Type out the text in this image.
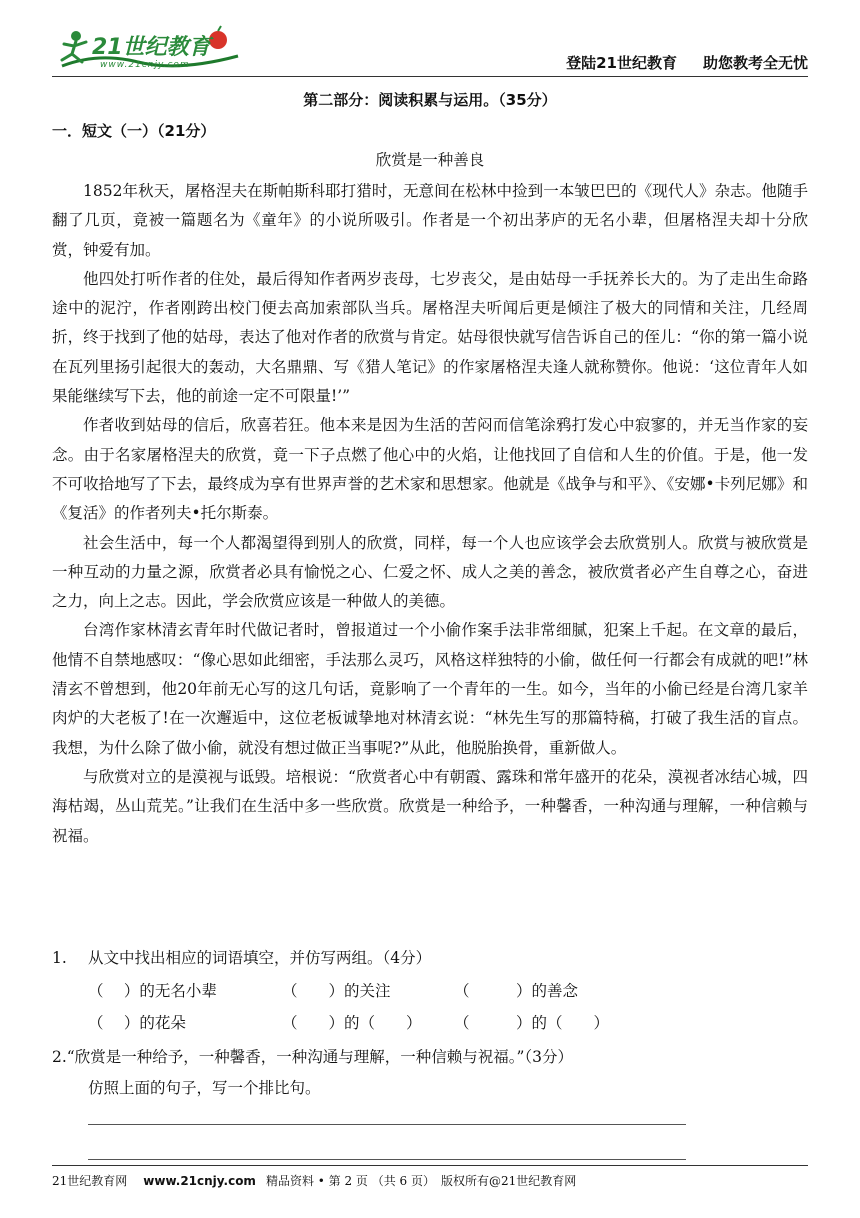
21世纪教育
www.21cnjy.com	登陆21世纪教育 助您教考全无忧
第二部分：阅读积累与运用。（35分）
一．短文（一）（21分）
欣赏是一种善良

1852年秋天，屠格涅夫在斯帕斯科耶打猎时，无意间在松林中捡到一本皱巴巴的《现代人》杂志。他随手翻了几页，竟被一篇题名为《童年》的小说所吸引。作者是一个初出茅庐的无名小辈，但屠格涅夫却十分欣赏，钟爱有加。

他四处打听作者的住处，最后得知作者两岁丧母，七岁丧父，是由姑母一手抚养长大的。为了走出生命路途中的泥泞，作者刚跨出校门便去高加索部队当兵。屠格涅夫听闻后更是倾注了极大的同情和关注，几经周折，终于找到了他的姑母，表达了他对作者的欣赏与肯定。姑母很快就写信告诉自己的侄儿：“你的第一篇小说在瓦列里扬引起很大的轰动，大名鼎鼎、写《猎人笔记》的作家屠格涅夫逢人就称赞你。他说：‘这位青年人如果能继续写下去，他的前途一定不可限量!’”

作者收到姑母的信后，欣喜若狂。他本来是因为生活的苦闷而信笔涂鸦打发心中寂寥的，并无当作家的妄念。由于名家屠格涅夫的欣赏，竟一下子点燃了他心中的火焰，让他找回了自信和人生的价值。于是，他一发不可收拾地写了下去，最终成为享有世界声誉的艺术家和思想家。他就是《战争与和平》、《安娜•卡列尼娜》和《复活》的作者列夫•托尔斯泰。

社会生活中，每一个人都渴望得到别人的欣赏，同样，每一个人也应该学会去欣赏别人。欣赏与被欣赏是一种互动的力量之源，欣赏者必具有愉悦之心、仁爱之怀、成人之美的善念，被欣赏者必产生自尊之心，奋进之力，向上之志。因此，学会欣赏应该是一种做人的美德。

台湾作家林清玄青年时代做记者时，曾报道过一个小偷作案手法非常细腻，犯案上千起。在文章的最后，他情不自禁地感叹：“像心思如此细密，手法那么灵巧，风格这样独特的小偷，做任何一行都会有成就的吧!”林清玄不曾想到，他20年前无心写的这几句话，竟影响了一个青年的一生。如今，当年的小偷已经是台湾几家羊肉炉的大老板了!在一次邂逅中，这位老板诚挚地对林清玄说：“林先生写的那篇特稿，打破了我生活的盲点。我想，为什么除了做小偷，就没有想过做正当事呢?”从此，他脱胎换骨，重新做人。

与欣赏对立的是漠视与诋毁。培根说：“欣赏者心中有朝霞、露珠和常年盛开的花朵，漠视者冰结心城，四海枯竭，丛山荒芜。”让我们在生活中多一些欣赏。欣赏是一种给予，一种馨香，一种沟通与理解，一种信赖与祝福。

1. 从文中找出相应的词语填空，并仿写两组。（4分）
（　 ）的无名小辈	（　　）的关注	（　　　）的善念
（　 ）的花朵	（　　）的（　　） （　　　）的（　　）
2.“欣赏是一种给予，一种馨香，一种沟通与理解，一种信赖与祝福。”（3分）
仿照上面的句子，写一个排比句。
21世纪教育网 www.21cnjy.com 精品资料 • 第 2 页 （共 6 页） 版权所有@21世纪教育网
